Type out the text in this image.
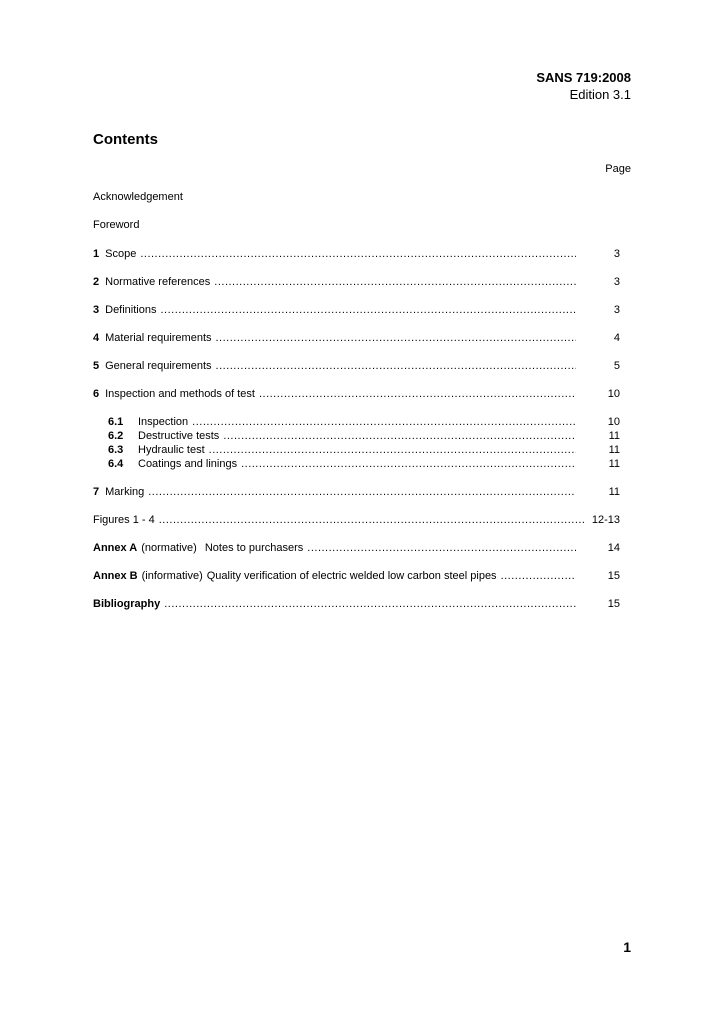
SANS 719:2008
Edition 3.1
Contents
Page
Acknowledgement
Foreword
1 Scope .....	3
2 Normative references .....	3
3 Definitions .....	3
4 Material requirements .....	4
5 General requirements .....	5
6 Inspection and methods of test .....	10
6.1	Inspection .....	10
6.2	Destructive tests .....	11
6.3	Hydraulic test .....	11
6.4	Coatings and linings .....	11
7 Marking .....	11
Figures 1 - 4 .....	12-13
Annex A (normative) Notes to purchasers .....	14
Annex B (informative) Quality verification of electric welded low carbon steel pipes .....	15
Bibliography .....	15
1
